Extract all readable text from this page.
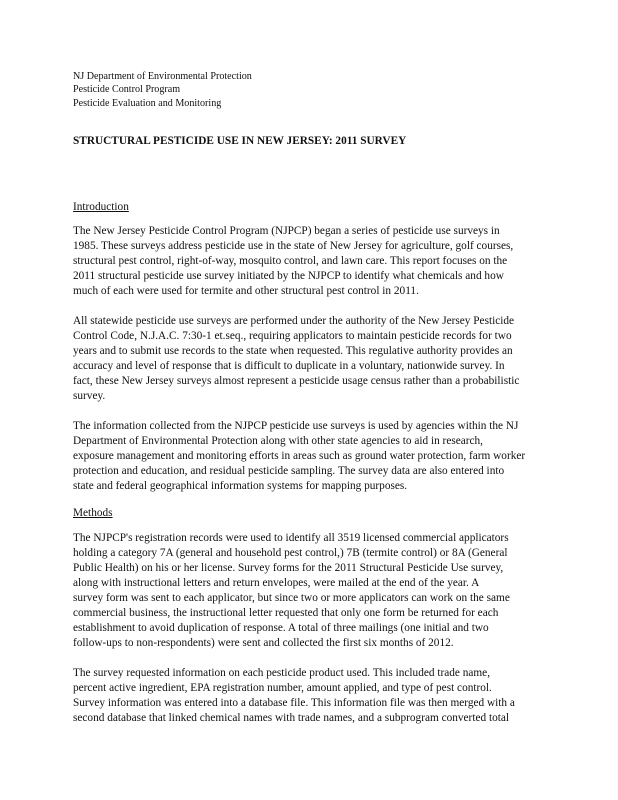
NJ Department of Environmental Protection

Pesticide Control Program

Pesticide Evaluation and Monitoring

STRUCTURAL PESTICIDE USE IN NEW JERSEY: 2011 SURVEY

Introduction

The New Jersey Pesticide Control Program (NJPCP) began a series of pesticide use surveys in
1985. These surveys address pesticide use in the state of New Jersey for agriculture, golf courses,
structural pest control, right-of-way, mosquito control, and lawn care. This report focuses on the
2011 structural pesticide use survey initiated by the NJPCP to identify what chemicals and how
much of each were used for termite and other structural pest control in 2011.

All statewide pesticide use surveys are performed under the authority of the New Jersey Pesticide
Control Code, N.J.A.C. 7:30-1 et.seq., requiring applicators to maintain pesticide records for two
years and to submit use records to the state when requested. This regulative authority provides an
accuracy and level of response that is difficult to duplicate in a voluntary, nationwide survey. In
fact, these New Jersey surveys almost represent a pesticide usage census rather than a probabilistic
survey.

The information collected from the NJPCP pesticide use surveys is used by agencies within the NJ
Department of Environmental Protection along with other state agencies to aid in research,
exposure management and monitoring efforts in areas such as ground water protection, farm worker
protection and education, and residual pesticide sampling. The survey data are also entered into
state and federal geographical information systems for mapping purposes.

Methods

The NJPCP's registration records were used to identify all 3519 licensed commercial applicators
holding a category 7A (general and household pest control,) 7B (termite control) or 8A (General
Public Health) on his or her license. Survey forms for the 2011 Structural Pesticide Use survey,
along with instructional letters and return envelopes, were mailed at the end of the year. A
survey form was sent to each applicator, but since two or more applicators can work on the same
commercial business, the instructional letter requested that only one form be returned for each
establishment to avoid duplication of response. A total of three mailings (one initial and two
follow-ups to non-respondents) were sent and collected the first six months of 2012.

The survey requested information on each pesticide product used. This included trade name,
percent active ingredient, EPA registration number, amount applied, and type of pest control.
Survey information was entered into a database file. This information file was then merged with a
second database that linked chemical names with trade names, and a subprogram converted total
